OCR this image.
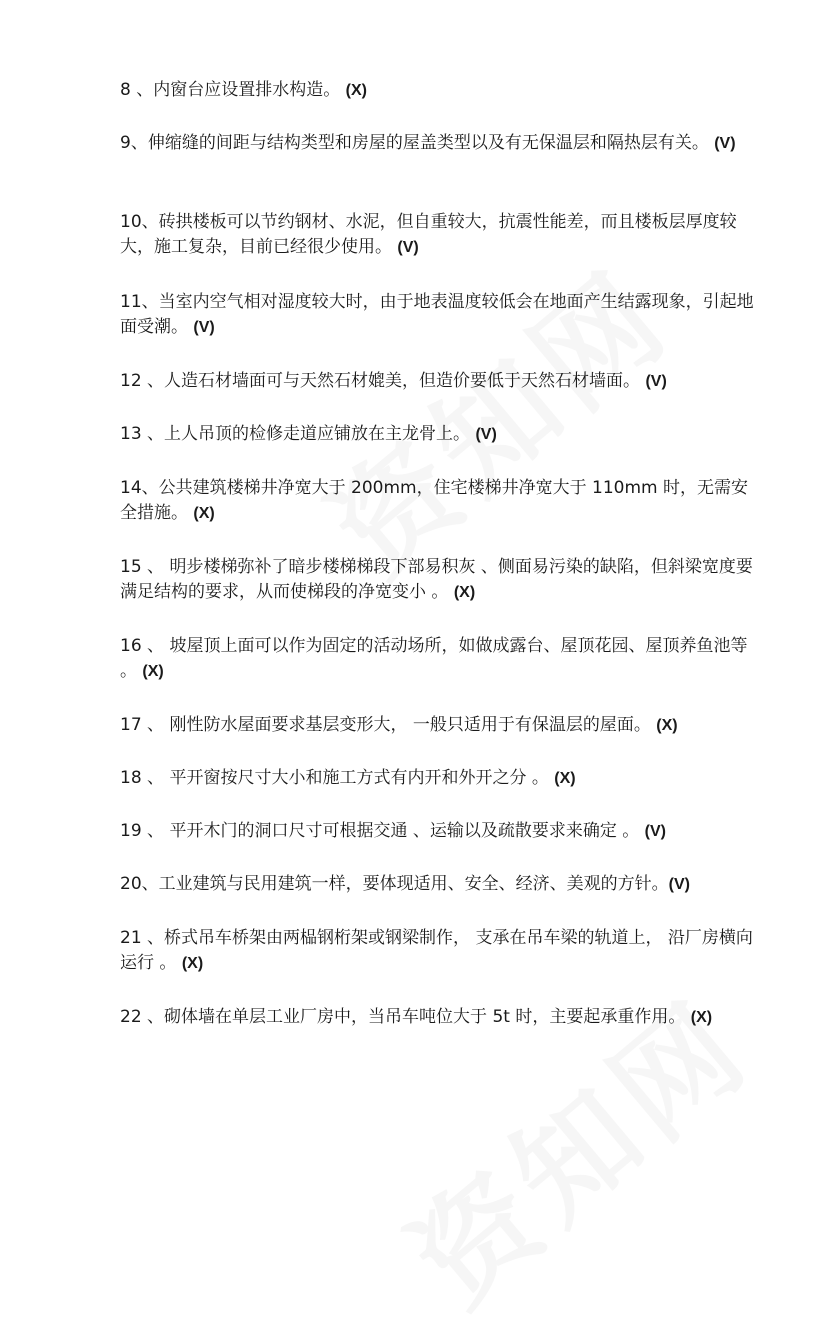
8 、内窗台应设置排水构造。 (X)

9、伸缩缝的间距与结构类型和房屋的屋盖类型以及有无保温层和隔热层有关。 (V)

10、砖拱楼板可以节约钢材、水泥，但自重较大，抗震性能差，而且楼板层厚度较大，施工复杂，目前已经很少使用。 (V)

11、当室内空气相对湿度较大时，由于地表温度较低会在地面产生结露现象，引起地面受潮。 (V)

12 、人造石材墙面可与天然石材媲美，但造价要低于天然石材墙面。 (V)

13 、上人吊顶的检修走道应铺放在主龙骨上。 (V)

14、公共建筑楼梯井净宽大于 200mm，住宅楼梯井净宽大于 110mm 时，无需安全措施。 (X)

15 、 明步楼梯弥补了暗步楼梯梯段下部易积灰 、侧面易污染的缺陷，但斜梁宽度要满足结构的要求，从而使梯段的净宽变小 。 (X)

16 、 坡屋顶上面可以作为固定的活动场所，如做成露台、屋顶花园、屋顶养鱼池等 。 (X)

17 、 刚性防水屋面要求基层变形大， 一般只适用于有保温层的屋面。 (X)

18 、 平开窗按尺寸大小和施工方式有内开和外开之分 。 (X)

19 、 平开木门的洞口尺寸可根据交通 、运输以及疏散要求来确定 。 (V)

20、工业建筑与民用建筑一样，要体现适用、安全、经济、美观的方针。(V)

21 、桥式吊车桥架由两榀钢桁架或钢梁制作， 支承在吊车梁的轨道上， 沿厂房横向运行 。 (X)

22 、砌体墙在单层工业厂房中，当吊车吨位大于 5t 时，主要起承重作用。 (X)
